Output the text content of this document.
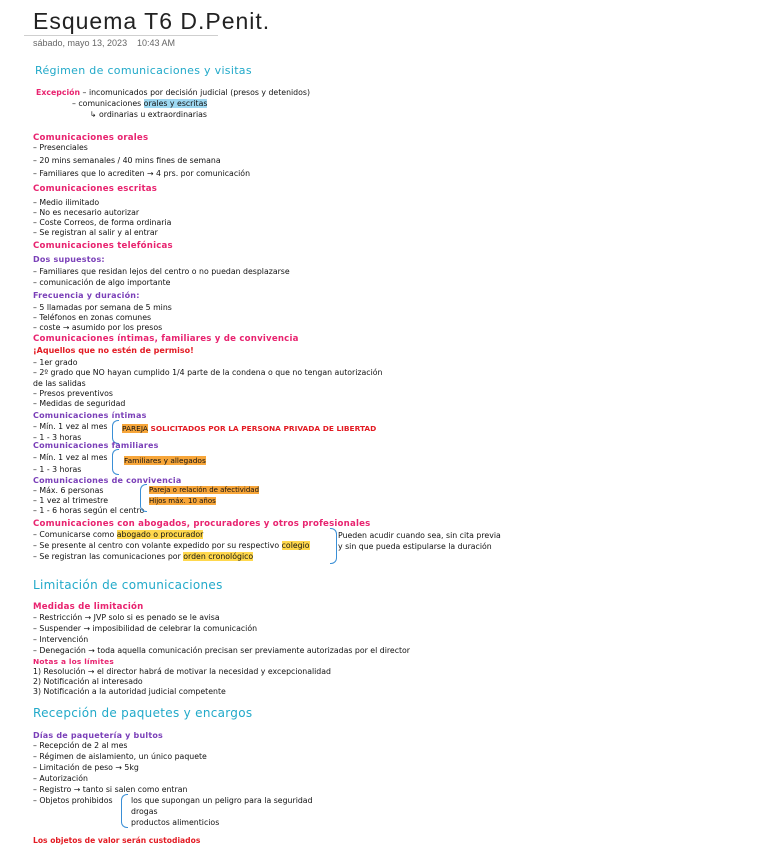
Esquema T6 D.Penit.
sábado, mayo 13, 2023 10:43 AM
Régimen de comunicaciones y visitas
Excepción – incomunicados por decisión judicial (presos y detenidos)
– comunicaciones orales y escritas
↳ ordinarias u extraordinarias
Comunicaciones orales
– Presenciales
– 20 mins semanales / 40 mins fines de semana
– Familiares que lo acrediten → 4 prs. por comunicación
Comunicaciones escritas
– Medio ilimitado
– No es necesario autorizar
– Coste Correos, de forma ordinaria
– Se registran al salir y al entrar
Comunicaciones telefónicas
Dos supuestos:
– Familiares que residan lejos del centro o no puedan desplazarse
– comunicación de algo importante
Frecuencia y duración:
– 5 llamadas por semana de 5 mins
– Teléfonos en zonas comunes
– coste → asumido por los presos
Comunicaciones íntimas, familiares y de convivencia
¡Aquellos que no estén de permiso!
– 1er grado
– 2º grado que NO hayan cumplido 1/4 parte de la condena o que no tengan autorización
de las salidas
– Presos preventivos
– Medidas de seguridad
Comunicaciones íntimas
– Mín. 1 vez al mes
– 1 - 3 horas
PAREJA SOLICITADOS POR LA PERSONA PRIVADA DE LIBERTAD
Comunicaciones familiares
– Mín. 1 vez al mes
– 1 - 3 horas
Familiares y allegados
Comunicaciones de convivencia
– Máx. 6 personas
– 1 vez al trimestre
– 1 - 6 horas según el centro
Pareja o relación de afectividad
Hijos máx. 10 años
Comunicaciones con abogados, procuradores y otros profesionales
– Comunicarse como abogado o procurador
– Se presente al centro con volante expedido por su respectivo colegio
– Se registran las comunicaciones por orden cronológico
Pueden acudir cuando sea, sin cita previa
y sin que pueda estipularse la duración
Limitación de comunicaciones
Medidas de limitación
– Restricción → JVP solo si es penado se le avisa
– Suspender → imposibilidad de celebrar la comunicación
– Intervención
– Denegación → toda aquella comunicación precisan ser previamente autorizadas por el director
Notas a los límites
1) Resolución → el director habrá de motivar la necesidad y excepcionalidad
2) Notificación al interesado
3) Notificación a la autoridad judicial competente
Recepción de paquetes y encargos
Días de paquetería y bultos
– Recepción de 2 al mes
– Régimen de aislamiento, un único paquete
– Limitación de peso → 5kg
– Autorización
– Registro → tanto si salen como entran
– Objetos prohibidos los que supongan un peligro para la seguridad
drogas
productos alimenticios
Los objetos de valor serán custodiados
